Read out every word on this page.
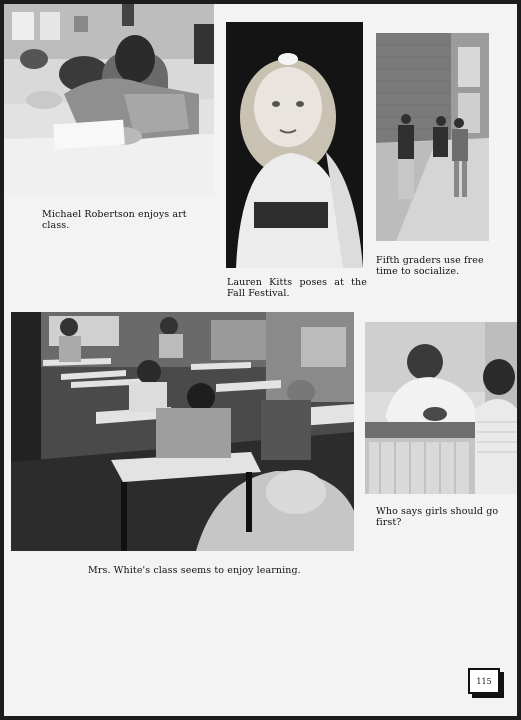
Michael Robertson enjoys art class.

Lauren Kitts poses at the Fall Festival.

Fifth graders use free time to socialize.

Mrs. White's class seems to enjoy learning.

Who says girls should go first?

115
